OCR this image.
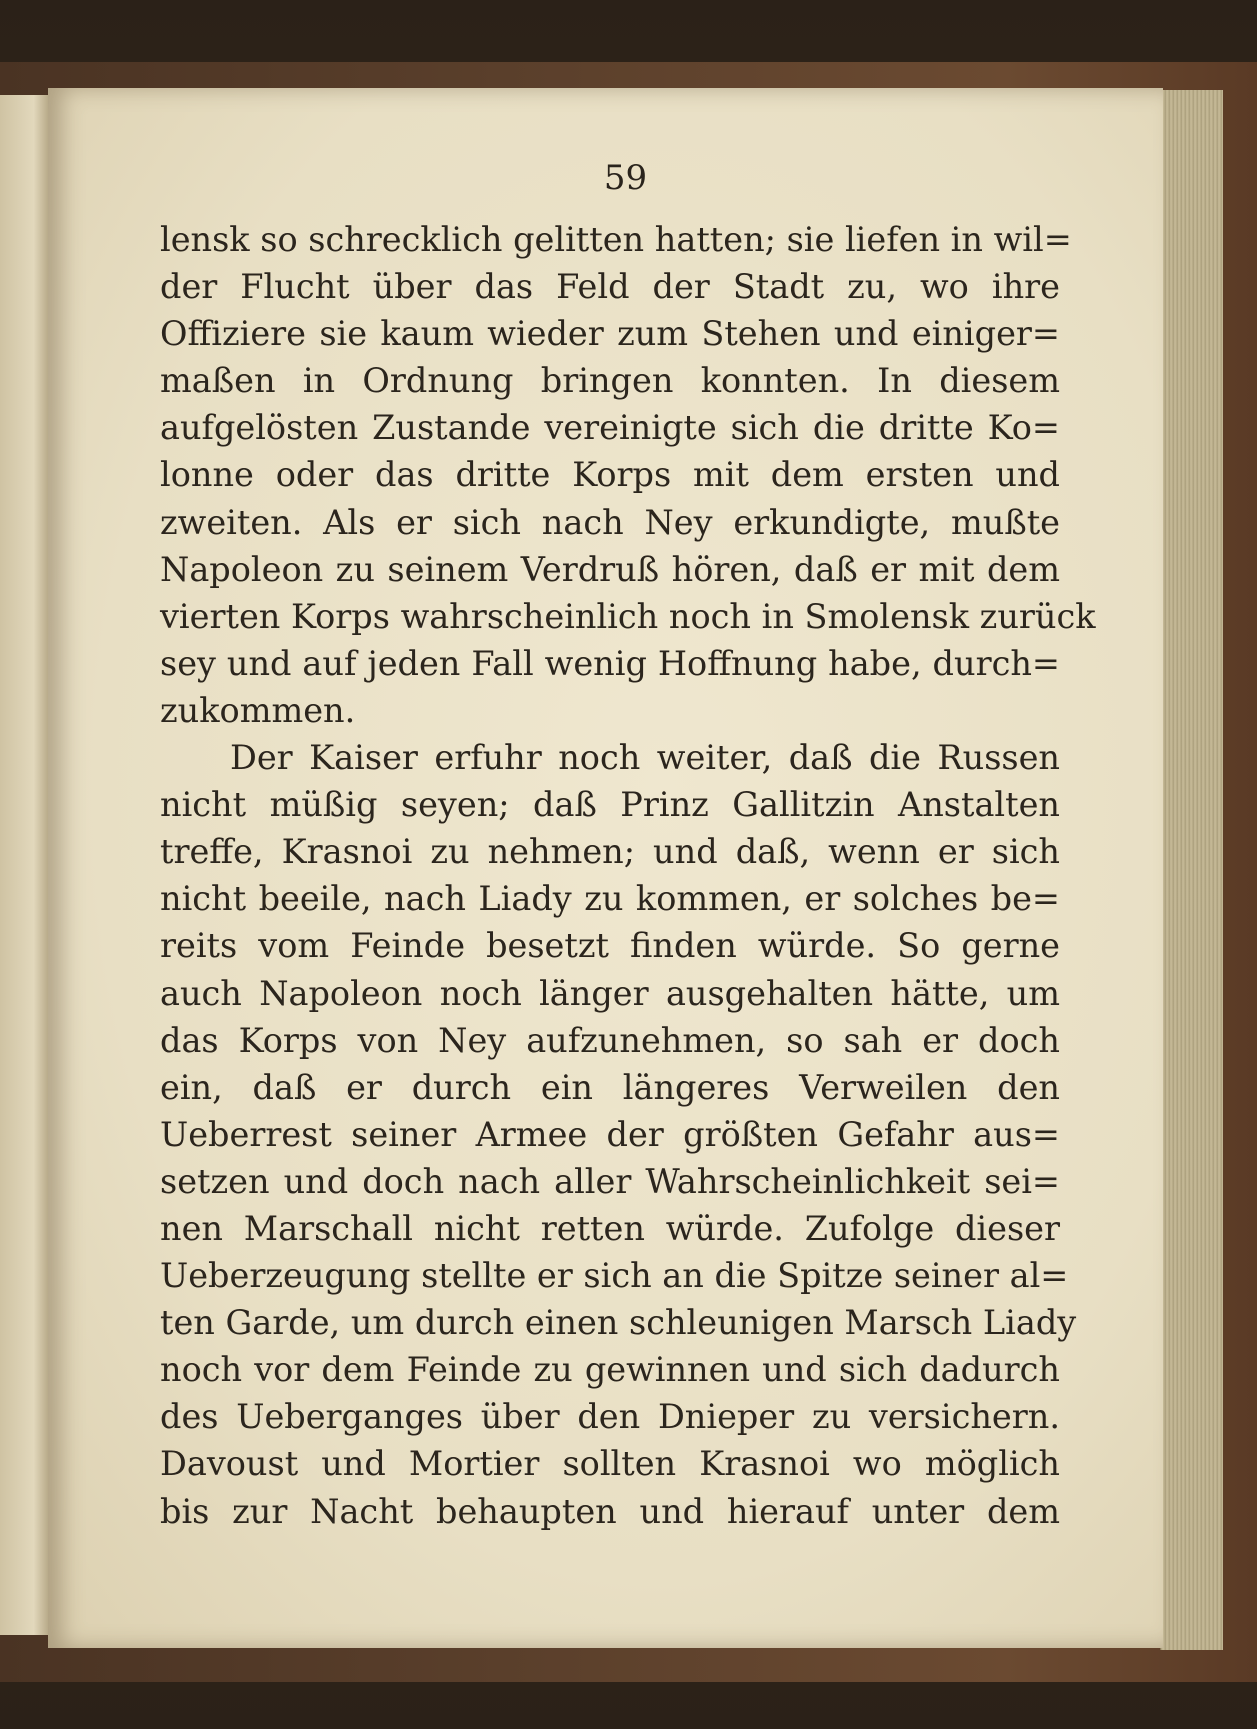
59
lensk so schrecklich gelitten hatten; sie liefen in wil=
der Flucht über das Feld der Stadt zu, wo ihre
Offiziere sie kaum wieder zum Stehen und einiger=
maßen in Ordnung bringen konnten. In diesem
aufgelösten Zustande vereinigte sich die dritte Ko=
lonne oder das dritte Korps mit dem ersten und
zweiten. Als er sich nach Ney erkundigte, mußte
Napoleon zu seinem Verdruß hören, daß er mit dem
vierten Korps wahrscheinlich noch in Smolensk zurück
sey und auf jeden Fall wenig Hoffnung habe, durch=
zukommen.
Der Kaiser erfuhr noch weiter, daß die Russen
nicht müßig seyen; daß Prinz Gallitzin Anstalten
treffe, Krasnoi zu nehmen; und daß, wenn er sich
nicht beeile, nach Liady zu kommen, er solches be=
reits vom Feinde besetzt finden würde. So gerne
auch Napoleon noch länger ausgehalten hätte, um
das Korps von Ney aufzunehmen, so sah er doch
ein, daß er durch ein längeres Verweilen den
Ueberrest seiner Armee der größten Gefahr aus=
setzen und doch nach aller Wahrscheinlichkeit sei=
nen Marschall nicht retten würde. Zufolge dieser
Ueberzeugung stellte er sich an die Spitze seiner al=
ten Garde, um durch einen schleunigen Marsch Liady
noch vor dem Feinde zu gewinnen und sich dadurch
des Ueberganges über den Dnieper zu versichern.
Davoust und Mortier sollten Krasnoi wo möglich
bis zur Nacht behaupten und hierauf unter dem
